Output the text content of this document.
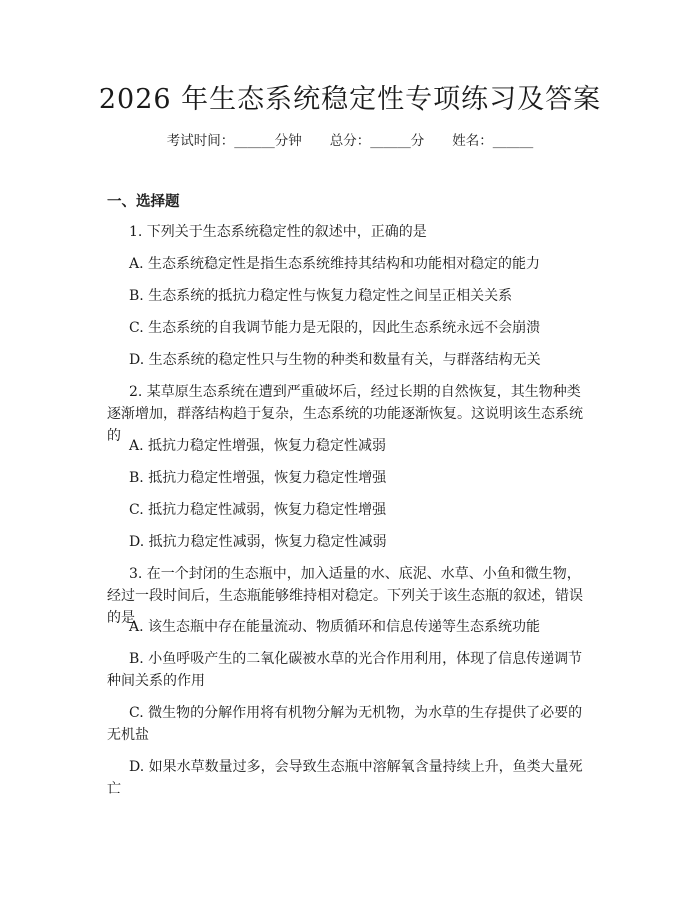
2026 年生态系统稳定性专项练习及答案
考试时间：______分钟 总分：______分 姓名：______
一、选择题

1. 下列关于生态系统稳定性的叙述中，正确的是

A. 生态系统稳定性是指生态系统维持其结构和功能相对稳定的能力

B. 生态系统的抵抗力稳定性与恢复力稳定性之间呈正相关关系

C. 生态系统的自我调节能力是无限的，因此生态系统永远不会崩溃

D. 生态系统的稳定性只与生物的种类和数量有关，与群落结构无关

2. 某草原生态系统在遭到严重破坏后，经过长期的自然恢复，其生物种类逐渐增加，群落结构趋于复杂，生态系统的功能逐渐恢复。这说明该生态系统的

A. 抵抗力稳定性增强，恢复力稳定性减弱

B. 抵抗力稳定性增强，恢复力稳定性增强

C. 抵抗力稳定性减弱，恢复力稳定性增强

D. 抵抗力稳定性减弱，恢复力稳定性减弱

3. 在一个封闭的生态瓶中，加入适量的水、底泥、水草、小鱼和微生物，经过一段时间后，生态瓶能够维持相对稳定。下列关于该生态瓶的叙述，错误的是

A. 该生态瓶中存在能量流动、物质循环和信息传递等生态系统功能

B. 小鱼呼吸产生的二氧化碳被水草的光合作用利用，体现了信息传递调节种间关系的作用

C. 微生物的分解作用将有机物分解为无机物，为水草的生存提供了必要的无机盐

D. 如果水草数量过多，会导致生态瓶中溶解氧含量持续上升，鱼类大量死亡
